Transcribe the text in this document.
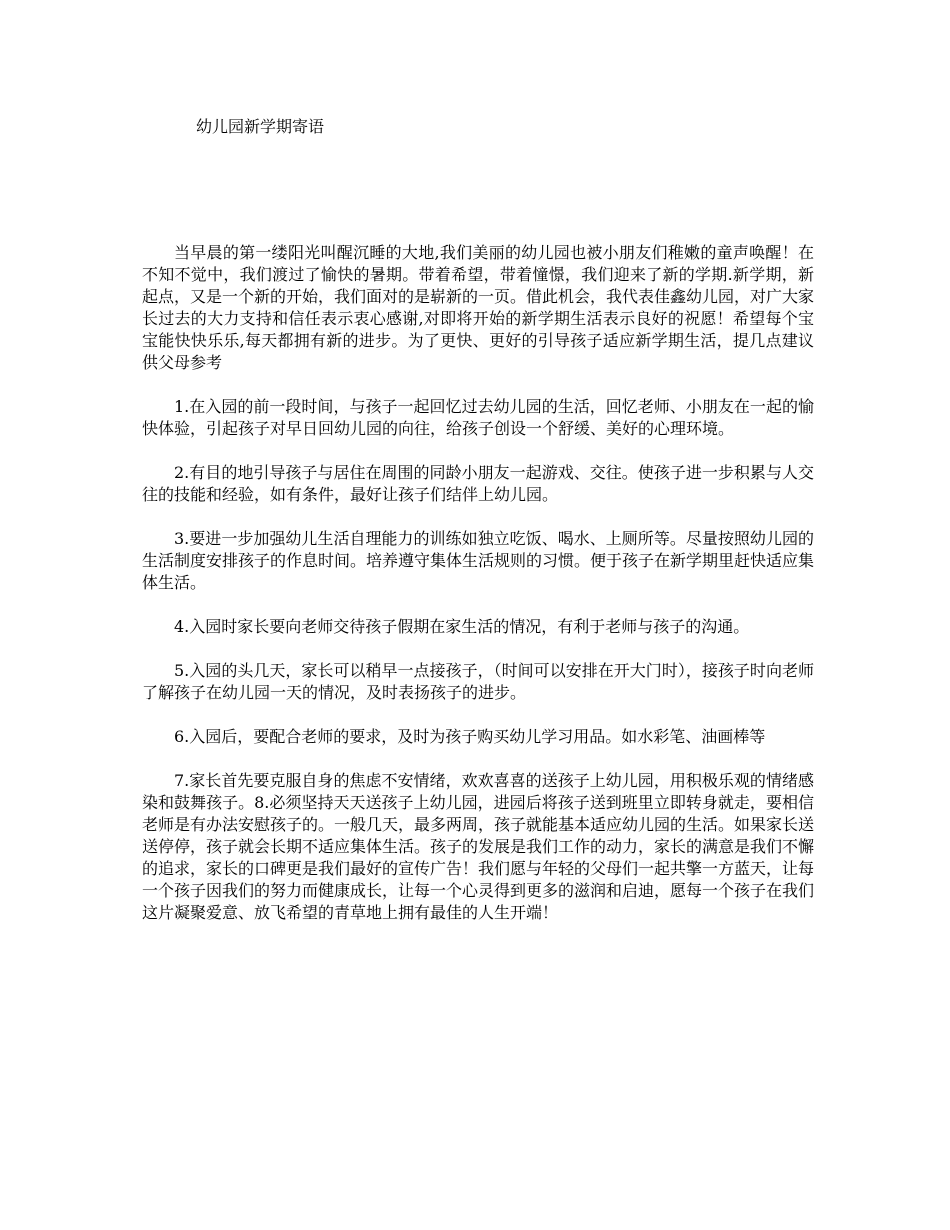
幼儿园新学期寄语

当早晨的第一缕阳光叫醒沉睡的大地,我们美丽的幼儿园也被小朋友们稚嫩的童声唤醒！在不知不觉中，我们渡过了愉快的暑期。带着希望，带着憧憬，我们迎来了新的学期.新学期，新起点，又是一个新的开始，我们面对的是崭新的一页。借此机会，我代表佳鑫幼儿园，对广大家长过去的大力支持和信任表示衷心感谢,对即将开始的新学期生活表示良好的祝愿！希望每个宝宝能快快乐乐,每天都拥有新的进步。为了更快、更好的引导孩子适应新学期生活，提几点建议供父母参考

1.在入园的前一段时间，与孩子一起回忆过去幼儿园的生活，回忆老师、小朋友在一起的愉快体验，引起孩子对早日回幼儿园的向往，给孩子创设一个舒缓、美好的心理环境。

2.有目的地引导孩子与居住在周围的同龄小朋友一起游戏、交往。使孩子进一步积累与人交往的技能和经验，如有条件，最好让孩子们结伴上幼儿园。

3.要进一步加强幼儿生活自理能力的训练如独立吃饭、喝水、上厕所等。尽量按照幼儿园的生活制度安排孩子的作息时间。培养遵守集体生活规则的习惯。便于孩子在新学期里赶快适应集体生活。

4.入园时家长要向老师交待孩子假期在家生活的情况，有利于老师与孩子的沟通。

5.入园的头几天，家长可以稍早一点接孩子，（时间可以安排在开大门时），接孩子时向老师了解孩子在幼儿园一天的情况，及时表扬孩子的进步。

6.入园后，要配合老师的要求，及时为孩子购买幼儿学习用品。如水彩笔、油画棒等

7.家长首先要克服自身的焦虑不安情绪，欢欢喜喜的送孩子上幼儿园，用积极乐观的情绪感染和鼓舞孩子。8.必须坚持天天送孩子上幼儿园，进园后将孩子送到班里立即转身就走，要相信老师是有办法安慰孩子的。一般几天，最多两周，孩子就能基本适应幼儿园的生活。如果家长送送停停，孩子就会长期不适应集体生活。孩子的发展是我们工作的动力，家长的满意是我们不懈的追求，家长的口碑更是我们最好的宣传广告！我们愿与年轻的父母们一起共擎一方蓝天，让每一个孩子因我们的努力而健康成长，让每一个心灵得到更多的滋润和启迪，愿每一个孩子在我们这片凝聚爱意、放飞希望的青草地上拥有最佳的人生开端！
